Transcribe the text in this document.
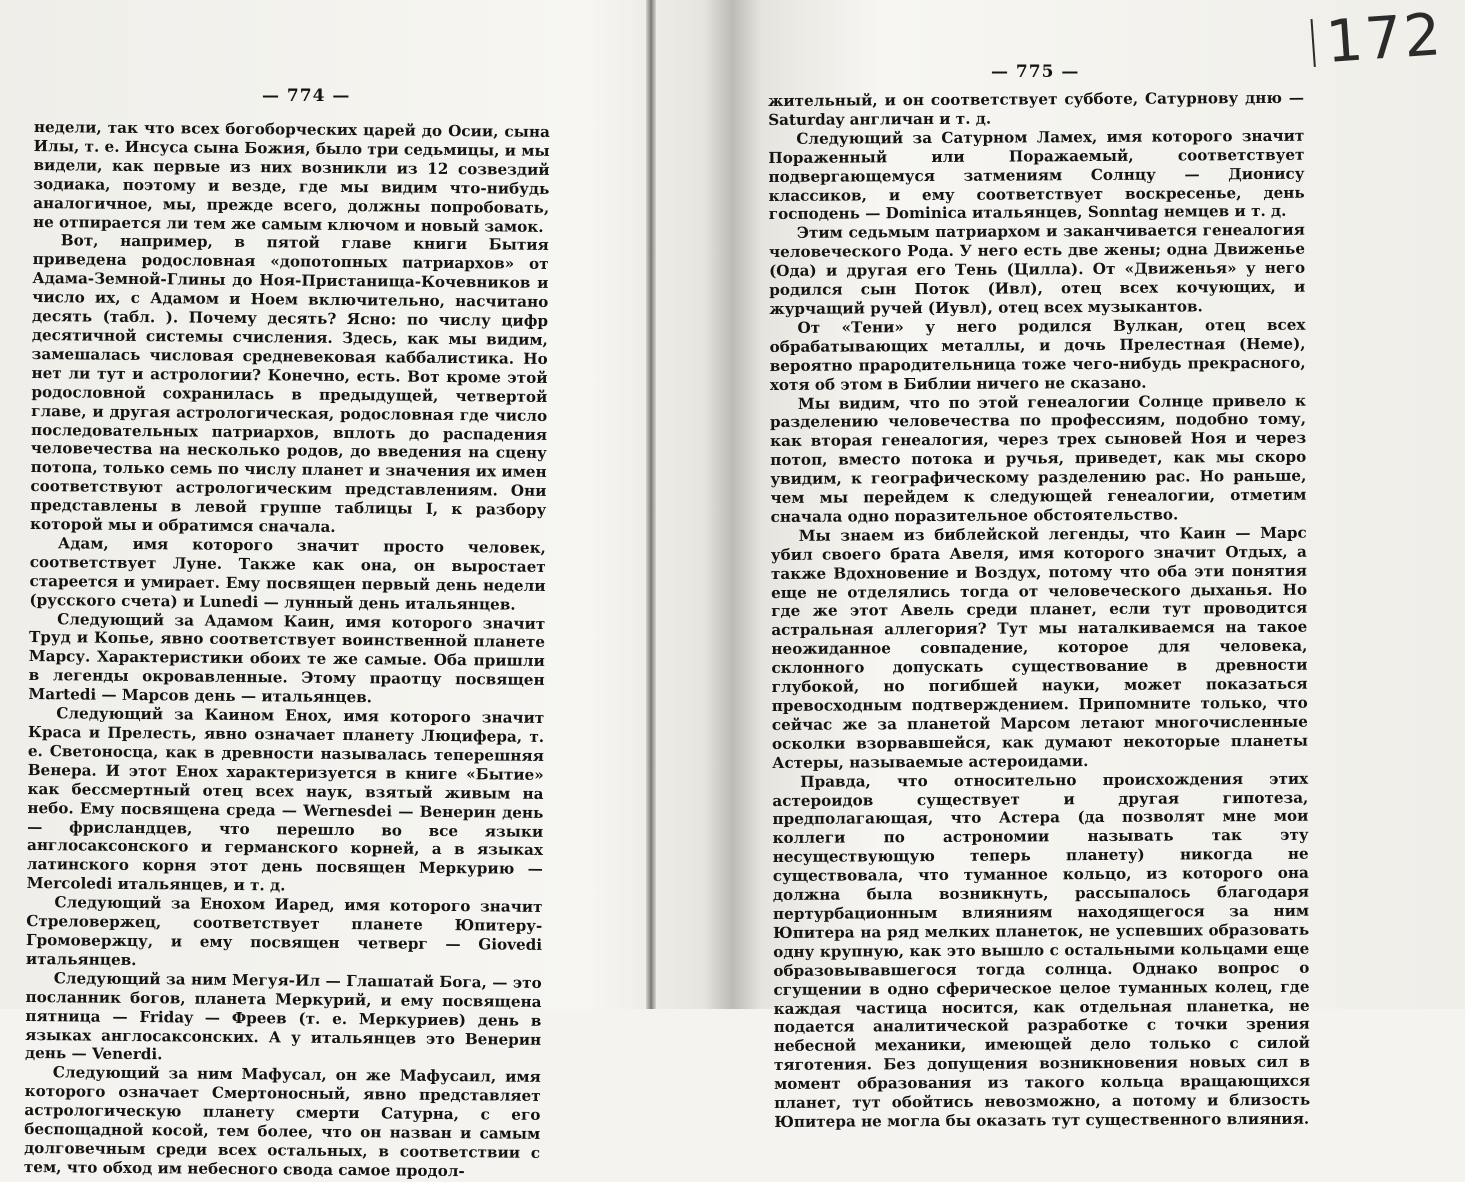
— 774 —

недели, так что всех богоборческих царей до Осии, сына Илы, т. е. Инсуса сына Божия, было три седьмицы, и мы видели, как первые из них возникли из 12 созвездий зодиака, поэтому и везде, где мы видим что-нибудь аналогичное, мы, прежде всего, должны попробовать, не отпирается ли тем же самым ключом и новый замок.

Вот, например, в пятой главе книги Бытия приведена родословная «допотопных патриархов» от Адама-Земной-Глины до Ноя-Пристанища-Кочевников и число их, с Адамом и Ноем включительно, насчитано десять (табл. ). Почему десять? Ясно: по числу цифр десятичной системы счисления. Здесь, как мы видим, замешалась числовая средневековая каббалистика. Но нет ли тут и астрологии? Конечно, есть. Вот кроме этой родословной сохранилась в предыдущей, четвертой главе, и другая астрологическая, родословная где число последовательных патриархов, вплоть до распадения человечества на несколько родов, до введения на сцену потопа, только семь по числу планет и значения их имен соответствуют астрологическим представлениям. Они представлены в левой группе таблицы I, к разбору которой мы и обратимся сначала.

Адам, имя которого значит просто человек, соответствует Луне. Также как она, он выростает стареется и умирает. Ему посвящен первый день недели (русского счета) и Lunedi — лунный день итальянцев.

Следующий за Адамом Каин, имя которого значит Труд и Копье, явно соответствует воинственной планете Марсу. Характеристики обоих те же самые. Оба пришли в легенды окровавленные. Этому праотцу посвящен Martedi — Марсов день — итальянцев.

Следующий за Каином Енох, имя которого значит Краса и Прелесть, явно означает планету Люцифера, т. е. Светоносца, как в древности называлась теперешняя Венера. И этот Енох характеризуется в книге «Бытие» как бессмертный отец всех наук, взятый живым на небо. Ему посвящена среда — Wernesdei — Венерин день — фрисландцев, что перешло во все языки англосаксонского и германского корней, а в языках латинского корня этот день посвящен Меркурию — Mercoledi итальянцев, и т. д.

Следующий за Енохом Иаред, имя которого значит Стреловержец, соответствует планете Юпитеру-Громовержцу, и ему посвящен четверг — Giovedi итальянцев.

Следующий за ним Мегуя-Ил — Глашатай Бога, — это посланник богов, планета Меркурий, и ему посвящена пятница — Friday — Фреев (т. е. Меркуриев) день в языках англосаксонских. А у итальянцев это Венерин день — Venerdi.

Следующий за ним Мафусал, он же Мафусаил, имя которого означает Смертоносный, явно представляет астрологическую планету смерти Сатурна, с его беспощадной косой, тем более, что он назван и самым долговечным среди всех остальных, в соответствии с тем, что обход им небесного свода самое продол-

— 775 —

жительный, и он соответствует субботе, Сатурнову дню — Saturday англичан и т. д.

Следующий за Сатурном Ламех, имя которого значит Пораженный или Поражаемый, соответствует подвергающемуся затмениям Солнцу — Дионису классиков, и ему соответствует воскресенье, день господень — Dominica итальянцев, Sonntag немцев и т. д.

Этим седьмым патриархом и заканчивается генеалогия человеческого Рода. У него есть две жены; одна Движенье (Ода) и другая его Тень (Цилла). От «Движенья» у него родился сын Поток (Ивл), отец всех кочующих, и журчащий ручей (Иувл), отец всех музыкантов.

От «Тени» у него родился Вулкан, отец всех обрабатывающих металлы, и дочь Прелестная (Неме), вероятно прародительница тоже чего-нибудь прекрасного, хотя об этом в Библии ничего не сказано.

Мы видим, что по этой генеалогии Солнце привело к разделению человечества по профессиям, подобно тому, как вторая генеалогия, через трех сыновей Ноя и через потоп, вместо потока и ручья, приведет, как мы скоро увидим, к географическому разделению рас. Но раньше, чем мы перейдем к следующей генеалогии, отметим сначала одно поразительное обстоятельство.

Мы знаем из библейской легенды, что Каин — Марс убил своего брата Авеля, имя которого значит Отдых, а также Вдохновение и Воздух, потому что оба эти понятия еще не отделялись тогда от человеческого дыханья. Но где же этот Авель среди планет, если тут проводится астральная аллегория? Тут мы наталкиваемся на такое неожиданное совпадение, которое для человека, склонного допускать существование в древности глубокой, но погибшей науки, может показаться превосходным подтверждением. Припомните только, что сейчас же за планетой Марсом летают многочисленные осколки взорвавшейся, как думают некоторые планеты Астеры, называемые астероидами.

Правда, что относительно происхождения этих астероидов существует и другая гипотеза, предполагающая, что Астера (да позволят мне мои коллеги по астрономии называть так эту несуществующую теперь планету) никогда не существовала, что туманное кольцо, из которого она должна была возникнуть, рассыпалось благодаря пертурбационным влияниям находящегося за ним Юпитера на ряд мелких планеток, не успевших образовать одну крупную, как это вышло с остальными кольцами еще образовывавшегося тогда солнца. Однако вопрос о сгущении в одно сферическое целое туманных колец, где каждая частица носится, как отдельная планетка, не подается аналитической разработке с точки зрения небесной механики, имеющей дело только с силой тяготения. Без допущения возникновения новых сил в момент образования из такого кольца вращающихся планет, тут обойтись невозможно, а потому и близость Юпитера не могла бы оказать тут существенного влияния.

172
